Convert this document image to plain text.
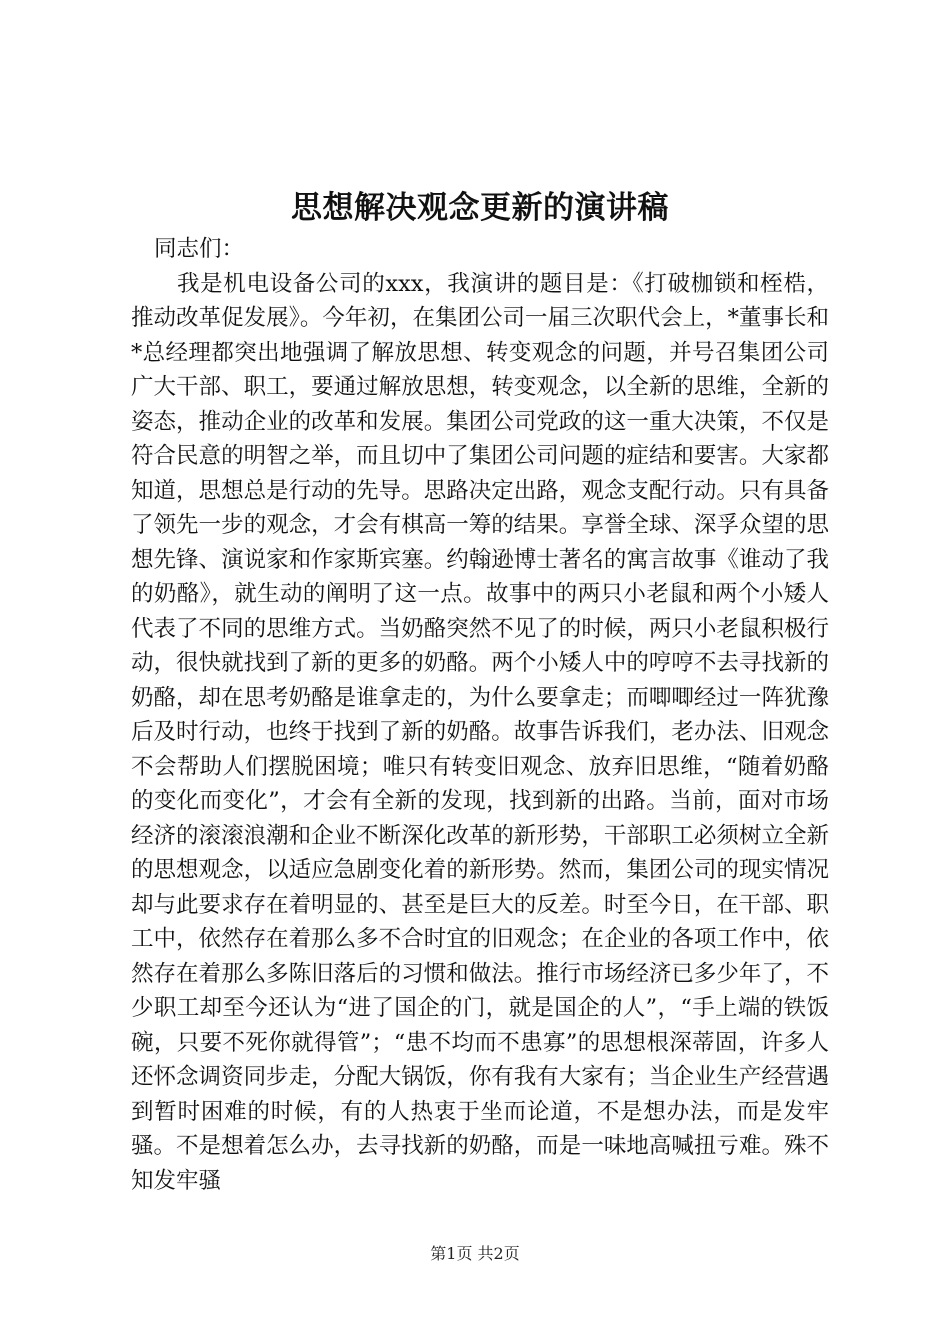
思想解决观念更新的演讲稿

同志们：

我是机电设备公司的xxx，我演讲的题目是：《打破枷锁和桎梏，推动改革促发展》。今年初，在集团公司一届三次职代会上，*董事长和*总经理都突出地强调了解放思想、转变观念的问题，并号召集团公司广大干部、职工，要通过解放思想，转变观念，以全新的思维，全新的姿态，推动企业的改革和发展。集团公司党政的这一重大决策，不仅是符合民意的明智之举，而且切中了集团公司问题的症结和要害。大家都知道，思想总是行动的先导。思路决定出路，观念支配行动。只有具备了领先一步的观念，才会有棋高一筹的结果。享誉全球、深孚众望的思想先锋、演说家和作家斯宾塞。约翰逊博士著名的寓言故事《谁动了我的奶酪》，就生动的阐明了这一点。故事中的两只小老鼠和两个小矮人代表了不同的思维方式。当奶酪突然不见了的时候，两只小老鼠积极行动，很快就找到了新的更多的奶酪。两个小矮人中的哼哼不去寻找新的奶酪，却在思考奶酪是谁拿走的，为什么要拿走；而唧唧经过一阵犹豫后及时行动，也终于找到了新的奶酪。故事告诉我们，老办法、旧观念不会帮助人们摆脱困境；唯只有转变旧观念、放弃旧思维，“随着奶酪的变化而变化”，才会有全新的发现，找到新的出路。当前，面对市场经济的滚滚浪潮和企业不断深化改革的新形势，干部职工必须树立全新的思想观念，以适应急剧变化着的新形势。然而，集团公司的现实情况却与此要求存在着明显的、甚至是巨大的反差。时至今日，在干部、职工中，依然存在着那么多不合时宜的旧观念；在企业的各项工作中，依然存在着那么多陈旧落后的习惯和做法。推行市场经济已多少年了，不少职工却至今还认为“进了国企的门，就是国企的人”，“手上端的铁饭碗，只要不死你就得管”；“患不均而不患寡”的思想根深蒂固，许多人还怀念调资同步走，分配大锅饭，你有我有大家有；当企业生产经营遇到暂时困难的时候，有的人热衷于坐而论道，不是想办法，而是发牢骚。不是想着怎么办，去寻找新的奶酪，而是一味地高喊扭亏难。殊不知发牢骚

第1页 共2页
